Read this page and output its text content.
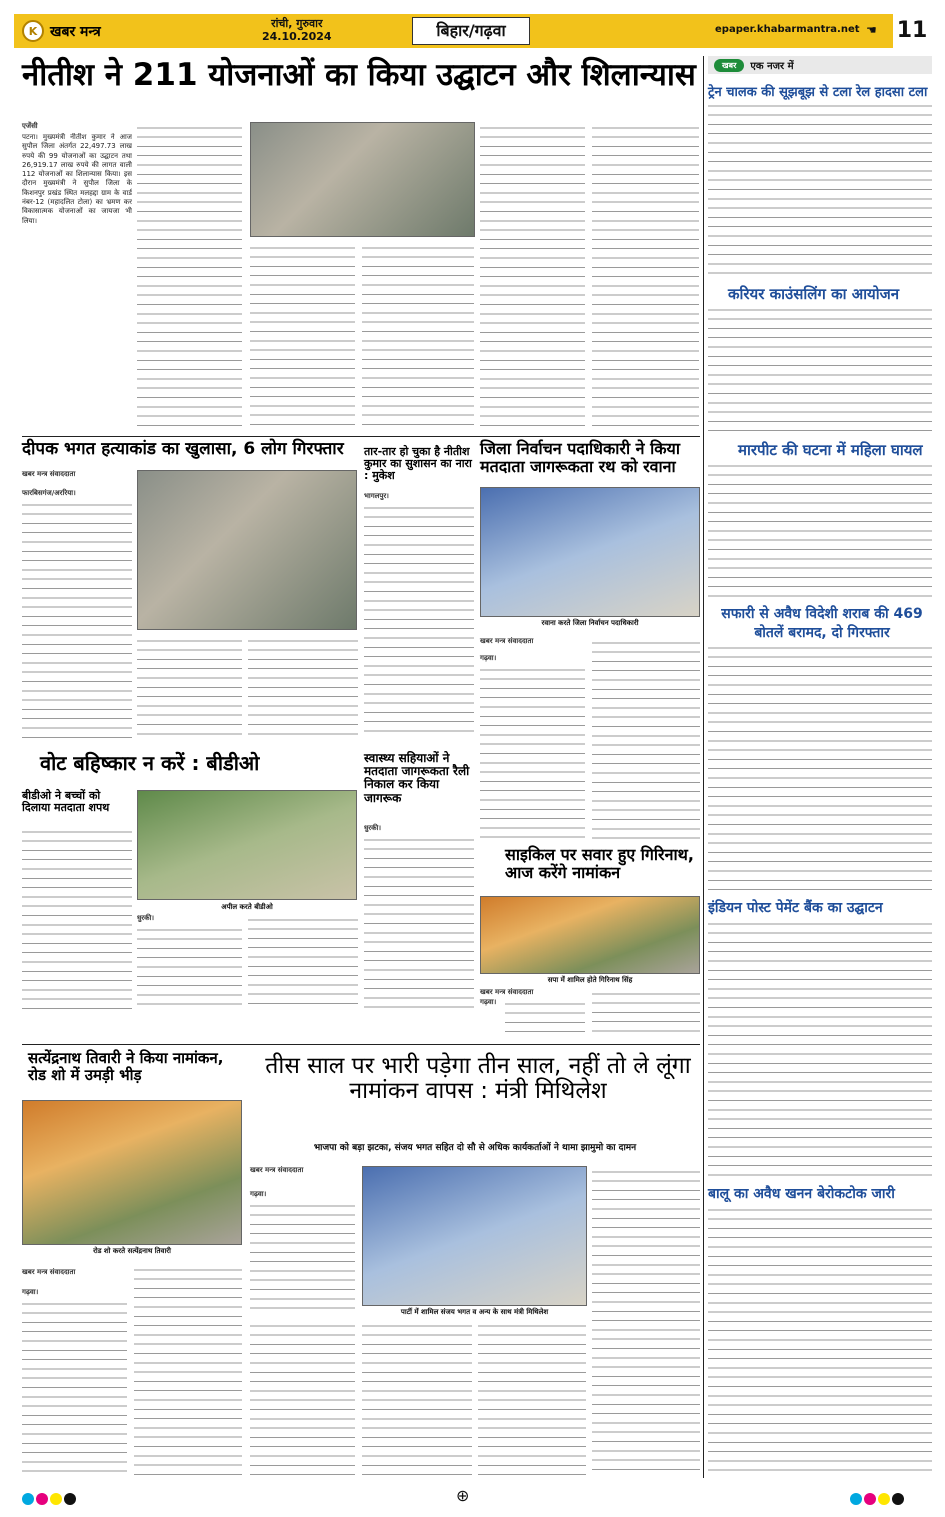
K खबर मन्त्र	रांची, गुरुवार
24.10.2024	बिहार/गढ़वा	epaper.khabarmantra.net ☚ 11
नीतीश ने 211 योजनाओं का किया उद्घाटन और शिलान्यास
एजेंसी
पटना। मुख्यमंत्री नीतीश कुमार ने आज सुपौल जिला अंतर्गत 22,497.73 लाख रुपये की 99 योजनाओं का उद्घाटन तथा 26,919.17 लाख रुपये की लागत वाली 112 योजनाओं का शिलान्यास किया। इस दौरान मुख्यमंत्री ने सुपौल जिला के किशनपुर प्रखंड स्थित मलहद्दा ग्राम के वार्ड नंबर-12 (महादलित टोला) का भ्रमण कर विकासात्मक योजनाओं का जायजा भी लिया।
दीपक भगत हत्याकांड का खुलासा, 6 लोग गिरफ्तार
खबर मन्त्र संवाददाता
फारबिसगंज/अररिया।
तार-तार हो चुका है नीतीश कुमार का सुशासन का नारा : मुकेश
भागलपुर।
जिला निर्वाचन पदाधिकारी ने किया मतदाता जागरूकता रथ को रवाना
रवाना करते जिला निर्वाचन पदाधिकारी
खबर मन्त्र संवाददाता
गढ़वा।
वोट बहिष्कार न करें : बीडीओ
बीडीओ ने बच्चों को दिलाया मतदाता शपथ
अपील करते बीडीओ
धुरकी।
स्वास्थ्य सहियाओं ने मतदाता जागरूकता रैली निकाल कर किया जागरूक
धुरकी।
साइकिल पर सवार हुए गिरिनाथ, आज करेंगे नामांकन
सपा में शामिल होते गिरिनाथ सिंह
खबर मन्त्र संवाददाता
गढ़वा।
सत्येंद्रनाथ तिवारी ने किया नामांकन, रोड शो में उमड़ी भीड़
रोड शो करते सत्येंद्रनाथ तिवारी
खबर मन्त्र संवाददाता
गढ़वा।
तीस साल पर भारी पड़ेगा तीन साल, नहीं तो ले लूंगा नामांकन वापस : मंत्री मिथिलेश
भाजपा को बड़ा झटका, संजय भगत सहित दो सौ से अधिक कार्यकर्ताओं ने थामा झामुमो का दामन
खबर मन्त्र संवाददाता
गढ़वा।
पार्टी में शामिल संजय भगत व अन्य के साथ मंत्री मिथिलेश
खबर	एक नजर में
ट्रेन चालक की सूझबूझ से टला रेल हादसा टला
करियर काउंसलिंग का आयोजन
मारपीट की घटना में महिला घायल
सफारी से अवैध विदेशी शराब की 469 बोतलें बरामद, दो गिरफ्तार
इंडियन पोस्ट पेमेंट बैंक का उद्घाटन
बालू का अवैध खनन बेरोकटोक जारी
⊕
